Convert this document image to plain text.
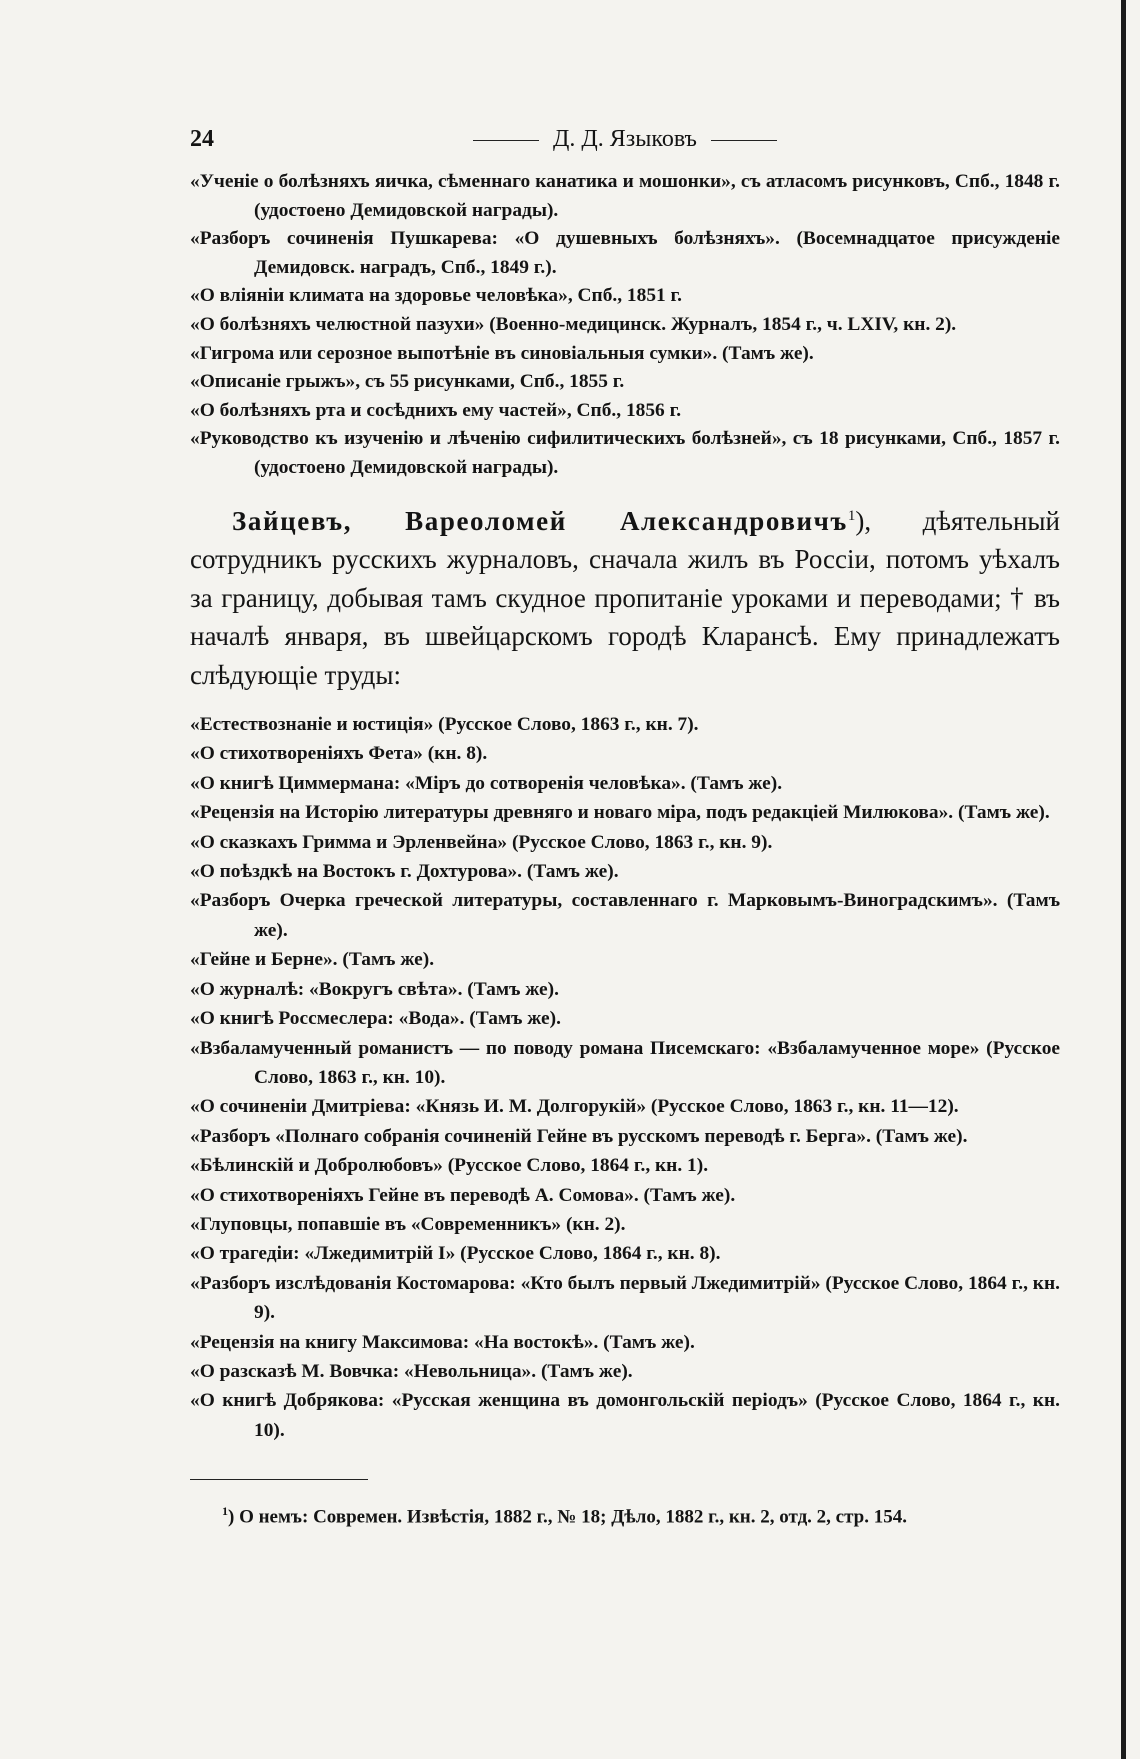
24	Д. Д. Языковъ
«Ученіе о болѣзняхъ яичка, сѣменнаго канатика и мошонки», съ атласомъ рисунковъ, Спб., 1848 г. (удостоено Демидовской награды).
«Разборъ сочиненія Пушкарева: «О душевныхъ болѣзняхъ». (Восемнадцатое присужденіе Демидовск. наградъ, Спб., 1849 г.).
«О вліяніи климата на здоровье человѣка», Спб., 1851 г.
«О болѣзняхъ челюстной пазухи» (Военно-медицинск. Журналъ, 1854 г., ч. LXIV, кн. 2).
«Гигрома или серозное выпотѣніе въ синовіальныя сумки». (Тамъ же).
«Описаніе грыжъ», съ 55 рисунками, Спб., 1855 г.
«О болѣзняхъ рта и сосѣднихъ ему частей», Спб., 1856 г.
«Руководство къ изученію и лѣченію сифилитическихъ болѣзней», съ 18 рисунками, Спб., 1857 г. (удостоено Демидовской награды).
Зайцевъ, Вареоломей Александровичъ$^1$), дѣятельный сотрудникъ русскихъ журналовъ, сначала жилъ въ Россіи, потомъ уѣхалъ за границу, добывая тамъ скудное пропитаніе уроками и переводами; † въ началѣ января, въ швейцарскомъ городѣ Клaрансѣ. Ему принадлежатъ слѣдующіе труды:
«Естествознаніе и юстиція» (Русское Слово, 1863 г., кн. 7).
«О стихотвореніяхъ Фета» (кн. 8).
«О книгѣ Циммермана: «Міръ до сотворенія человѣка». (Тамъ же).
«Рецензія на Исторію литературы древняго и новаго міра, подъ редакціей Милюкова». (Тамъ же).
«О сказкахъ Гримма и Эрленвейна» (Русское Слово, 1863 г., кн. 9).
«О поѣздкѣ на Востокъ г. Дохтурова». (Тамъ же).
«Разборъ Очерка греческой литературы, составленнаго г. Марковымъ-Виноградскимъ». (Тамъ же).
«Гейне и Берне». (Тамъ же).
«О журналѣ: «Вокругъ свѣта». (Тамъ же).
«О книгѣ Россмеслера: «Вода». (Тамъ же).
«Взбаламученный романистъ — по поводу романа Писемскаго: «Взбаламученное море» (Русское Слово, 1863 г., кн. 10).
«О сочиненіи Дмитріева: «Князь И. М. Долгорукій» (Русское Слово, 1863 г., кн. 11—12).
«Разборъ «Полнаго собранія сочиненій Гейне въ русскомъ переводѣ г. Берга». (Тамъ же).
«Бѣлинскій и Добролюбовъ» (Русское Слово, 1864 г., кн. 1).
«О стихотвореніяхъ Гейне въ переводѣ А. Сомова». (Тамъ же).
«Глуповцы, попавшіе въ «Современникъ» (кн. 2).
«О трагедіи: «Лжедимитрій I» (Русское Слово, 1864 г., кн. 8).
«Разборъ изслѣдованія Костомарова: «Кто былъ первый Лжедимитрій» (Русское Слово, 1864 г., кн. 9).
«Рецензія на книгу Максимова: «На востокѣ». (Тамъ же).
«О разсказѣ М. Вовчка: «Невольница». (Тамъ же).
«О книгѣ Добрякова: «Русская женщина въ домонгольскій періодъ» (Русское Слово, 1864 г., кн. 10).
$^1$) О немъ: Современ. Извѣстія, 1882 г., № 18; Дѣло, 1882 г., кн. 2, отд. 2, стр. 154.
